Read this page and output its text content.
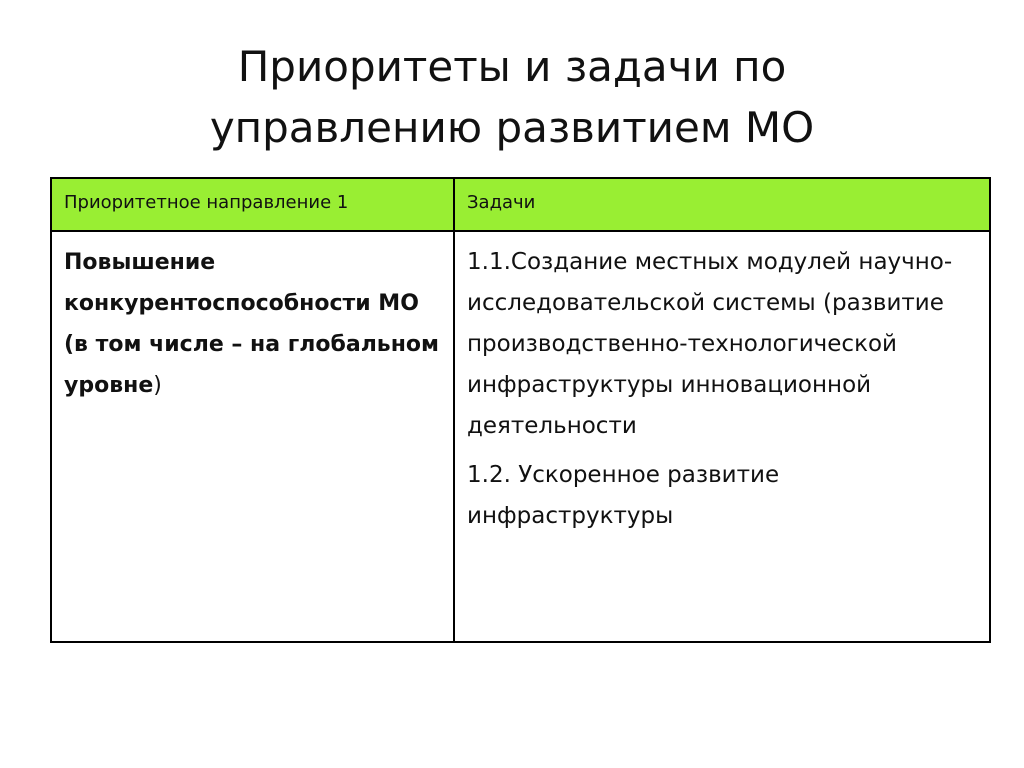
Приоритеты и задачи по
управлению развитием МО
Приоритетное направление 1	Задачи

Повышение конкурентоспособности МО (в том числе – на глобальном уровне)	1.1.Создание местных модулей научно-исследовательской системы (развитие производственно-технологической инфраструктуры инновационной деятельности

1.2. Ускоренное развитие инфраструктуры
